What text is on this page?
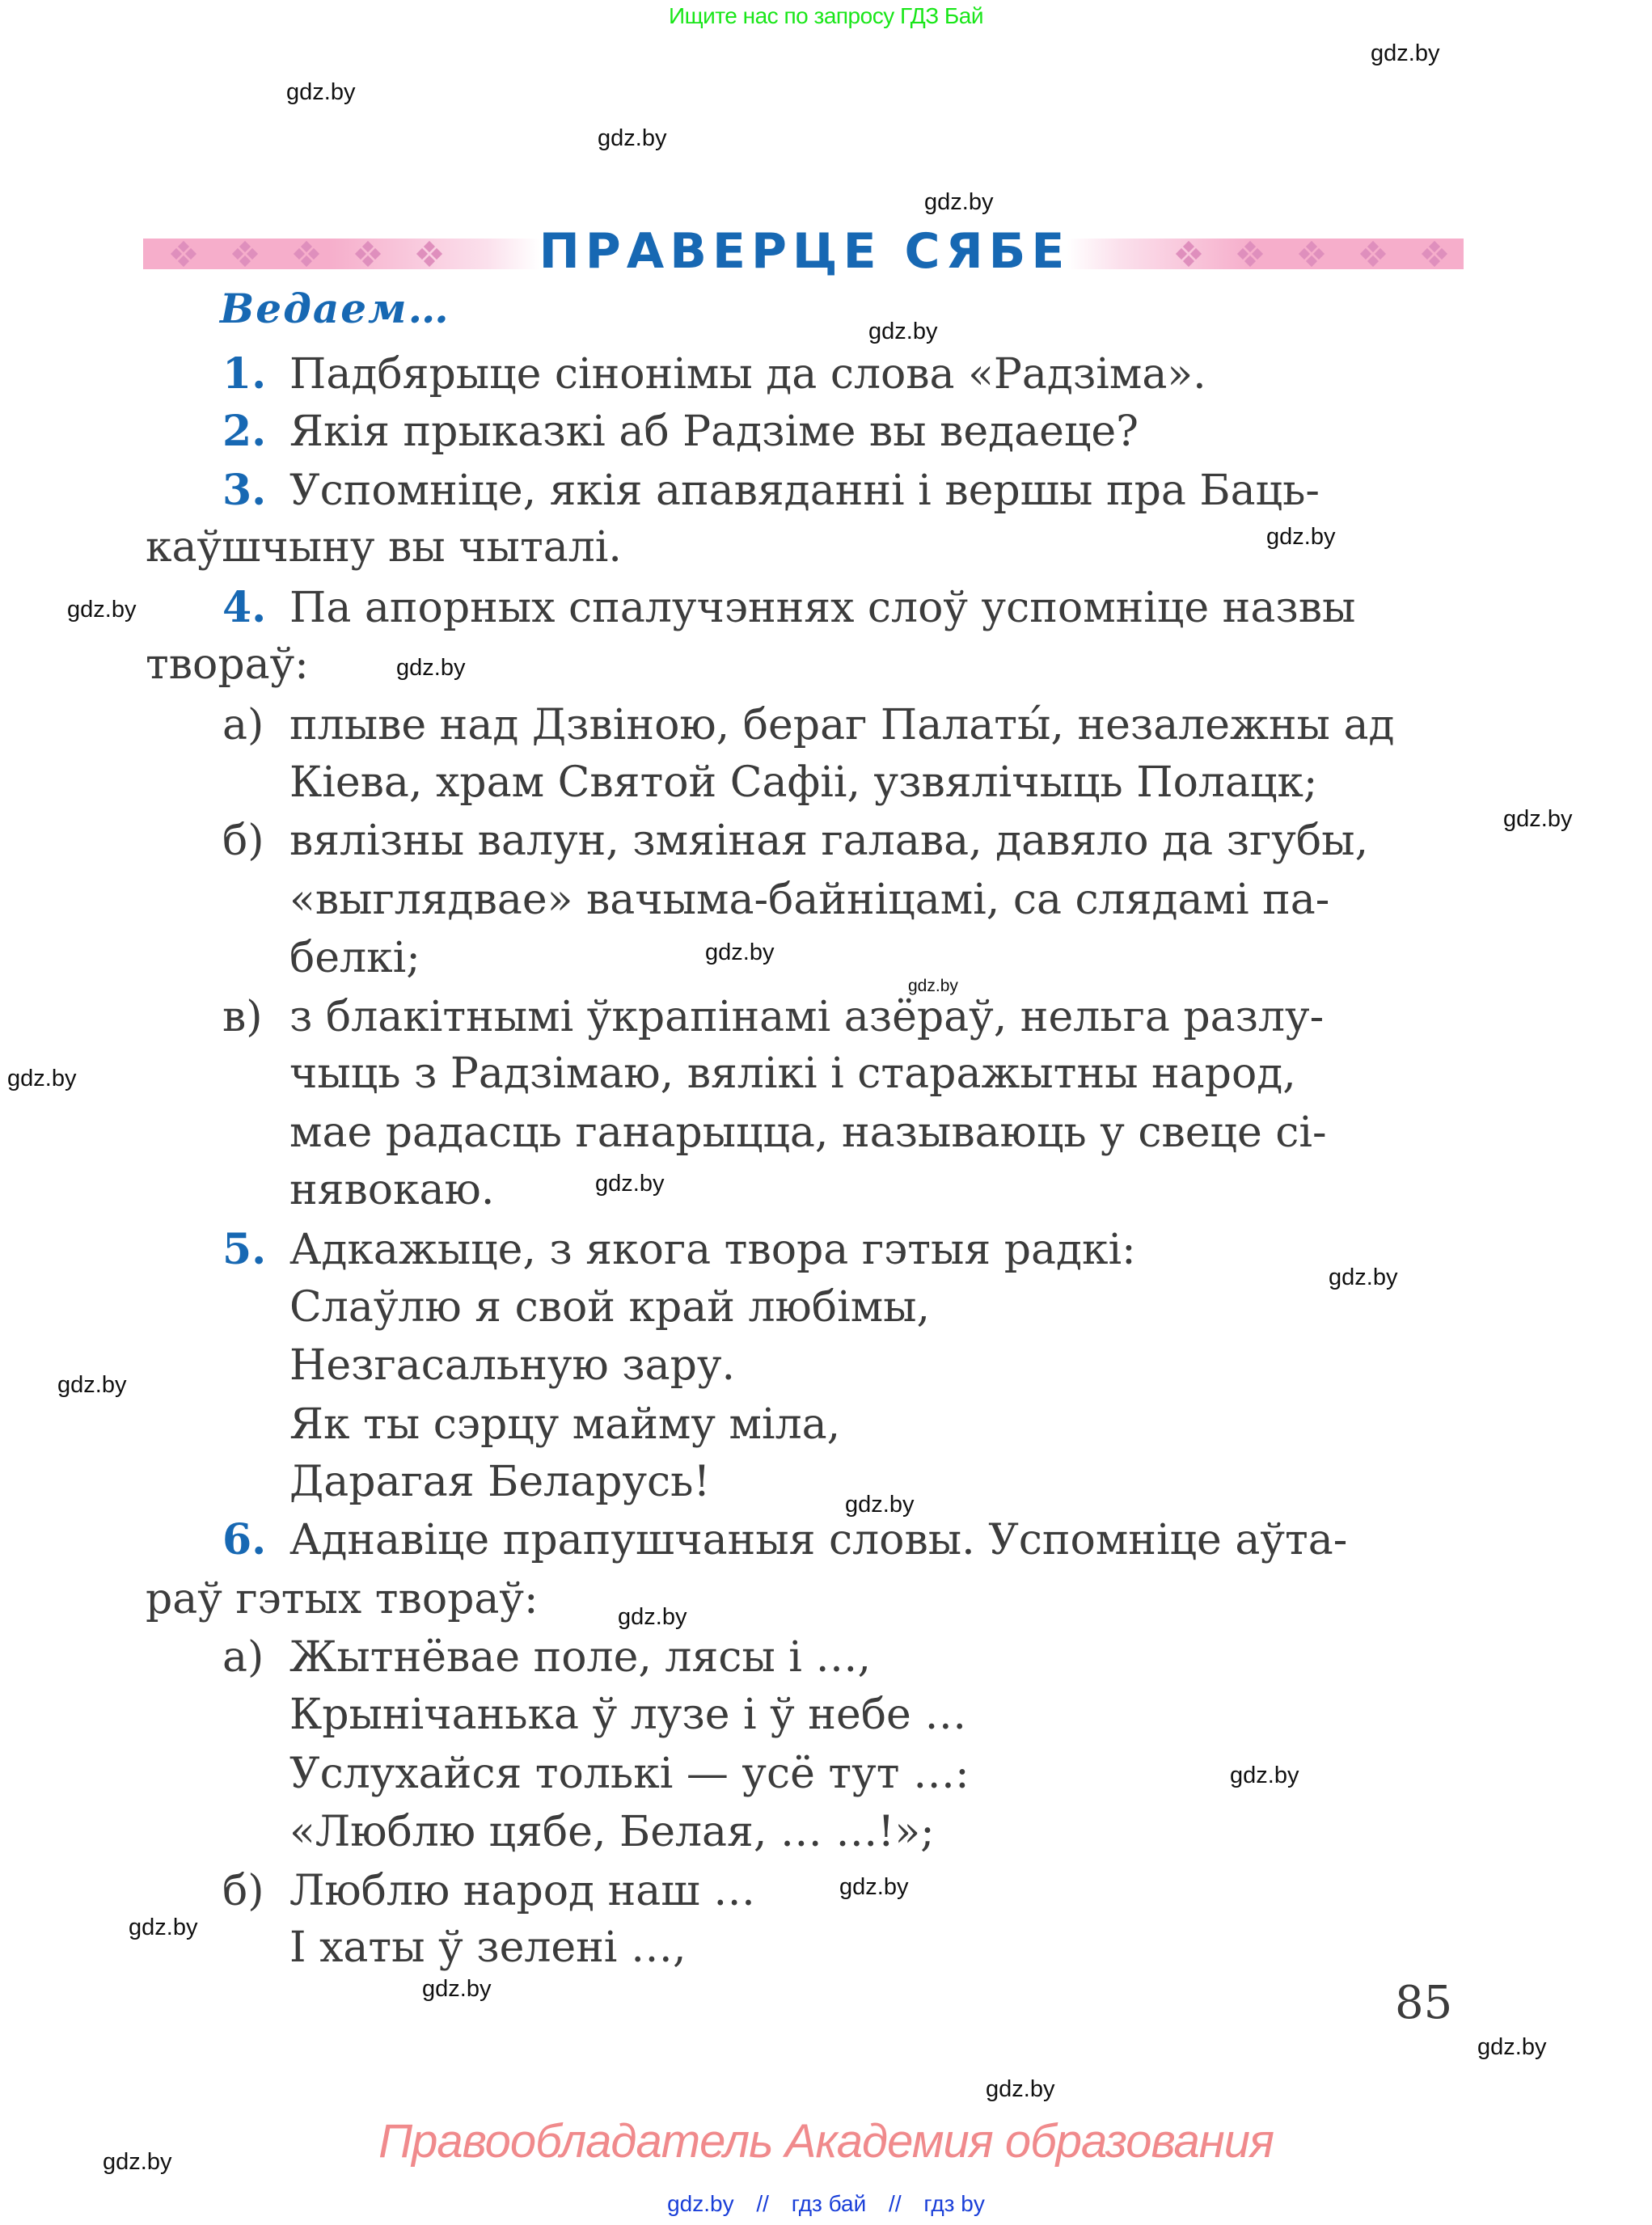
Ищите нас по запросу ГДЗ Бай
ПРАВЕРЦЕ СЯБЕ
Ведаем…
1. Падбярыце сінонімы да слова «Радзіма».
2. Якія прыказкі аб Радзіме вы ведаеце?
3. Успомніце, якія апавяданні і вершы пра Баць-
каўшчыну вы чыталі.
4. Па апорных спалучэннях слоў успомніце назвы
твораў:
а) плыве над Дзвіною, бераг Палаты́, незалежны ад
Кіева, храм Святой Сафіі, узвялічыць Полацк;
б) вялізны валун, змяіная галава, давяло да згубы,
«выглядвае» вачыма-байніцамі, са слядамі па-
белкі;
в) з блакітнымі ўкрапінамі азёраў, нельга разлу-
чыць з Радзімаю, вялікі і старажытны народ,
мае радасць ганарыцца, называюць у свеце сі-
нявокаю.
5. Адкажыце, з якога твора гэтыя радкі:
Слаўлю я свой край любімы,
Незгасальную зару.
Як ты сэрцу майму міла,
Дарагая Беларусь!
6. Аднавіце прапушчаныя словы. Успомніце аўта-
раў гэтых твораў:
а) Жытнёвае поле, лясы і …,
Крынічанька ў лузе і ў небе …
Услухайся толькі — усё тут …:
«Люблю цябе, Белая, … …!»;
б) Люблю народ наш …
І хаты ў зелені …,
85
Правообладатель Академия образования
gdz.by // гдз бай // гдз by
gdz.by
gdz.by
gdz.by
gdz.by
gdz.by
gdz.by
gdz.by
gdz.by
gdz.by
gdz.by
gdz.by
gdz.by
gdz.by
gdz.by
gdz.by
gdz.by
gdz.by
gdz.by
gdz.by
gdz.by
gdz.by
gdz.by
gdz.by
gdz.by
